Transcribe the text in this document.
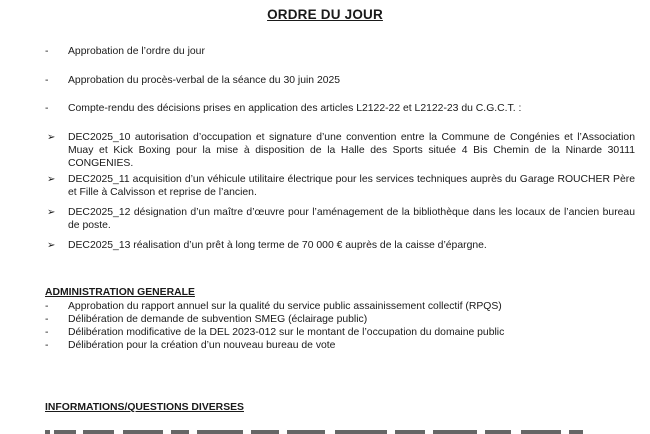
ORDRE DU JOUR
- Approbation de l’ordre du jour
- Approbation du procès-verbal de la séance du 30 juin 2025
- Compte-rendu des décisions prises en application des articles L2122-22 et L2122-23 du C.G.C.T. :
➢ DEC2025_10 autorisation d’occupation et signature d’une convention entre la Commune de Congénies et l’Association Muay et Kick Boxing pour la mise à disposition de la Halle des Sports située 4 Bis Chemin de la Ninarde 30111 CONGENIES.
➢ DEC2025_11 acquisition d’un véhicule utilitaire électrique pour les services techniques auprès du Garage ROUCHER Père et Fille à Calvisson et reprise de l’ancien.
➢ DEC2025_12 désignation d’un maître d’œuvre pour l’aménagement de la bibliothèque dans les locaux de l’ancien bureau de poste.
➢ DEC2025_13 réalisation d’un prêt à long terme de 70 000 € auprès de la caisse d’épargne.
ADMINISTRATION GENERALE
- Approbation du rapport annuel sur la qualité du service public assainissement collectif (RPQS)
- Délibération de demande de subvention SMEG (éclairage public)
- Délibération modificative de la DEL 2023-012 sur le montant de l’occupation du domaine public
- Délibération pour la création d’un nouveau bureau de vote
INFORMATIONS/QUESTIONS DIVERSES
